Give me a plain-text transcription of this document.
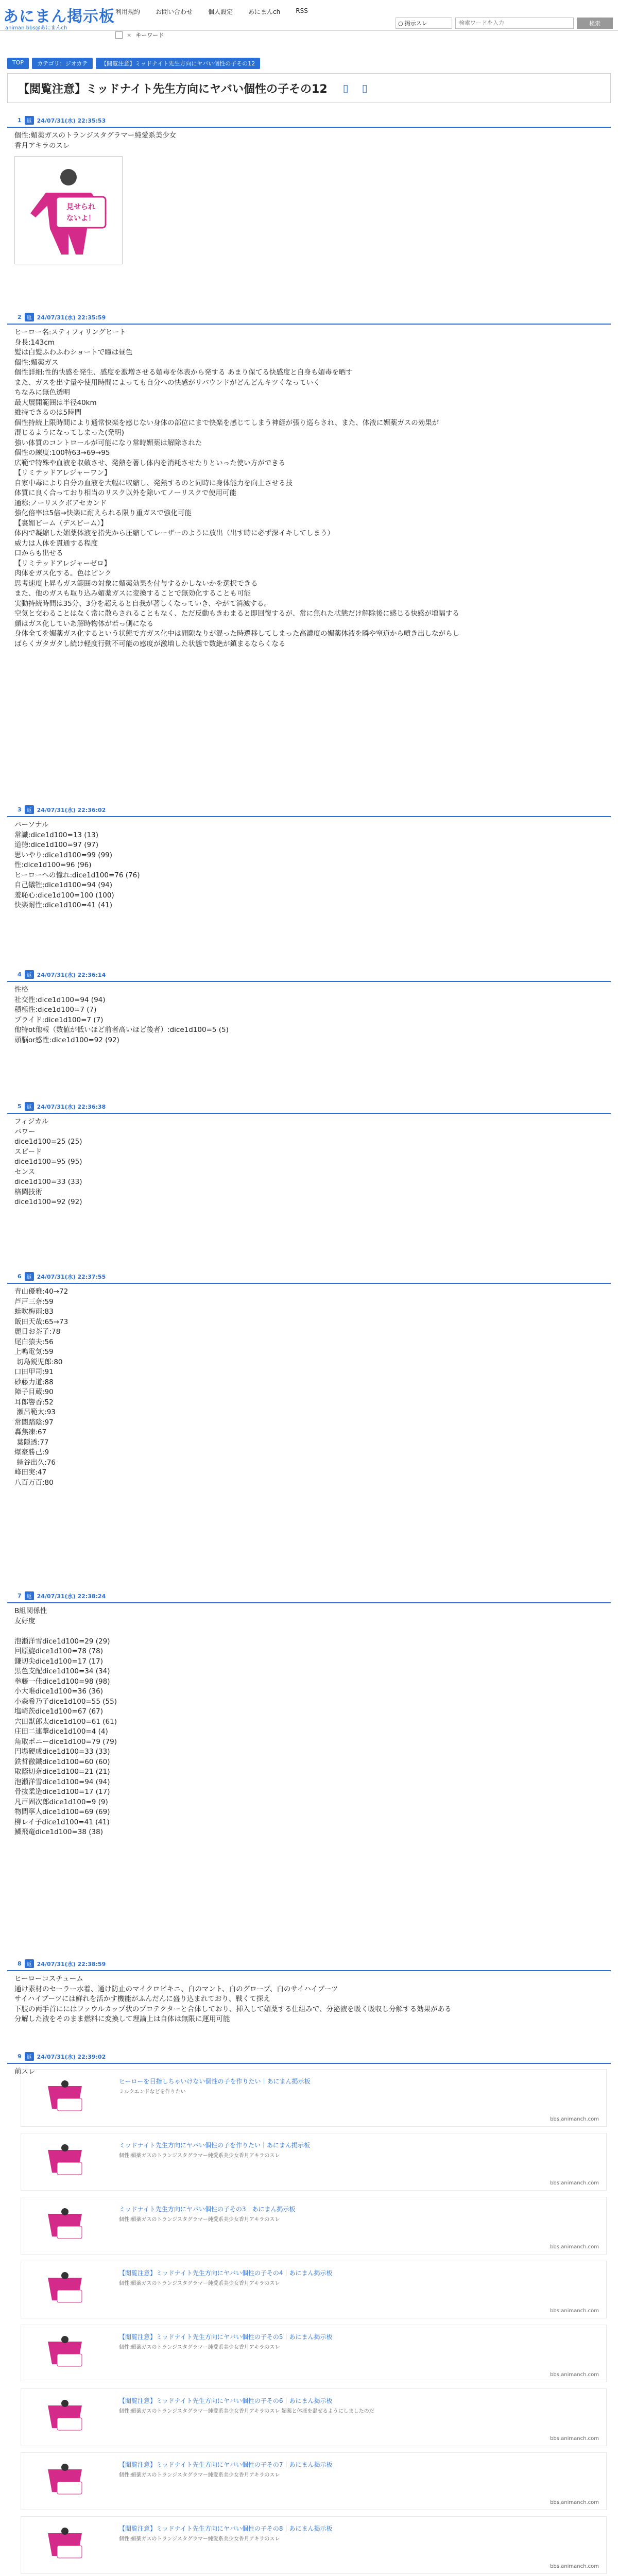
あにまん掲示板
animan bbs@あにまんch
利用規約	お問い合わせ	個人設定	あにまんch	RSS
○ 掲示スレ
検索ワードを入力	検索
× キーワード
TOP	カテゴリ：ジオカテ	【閲覧注意】ミッドナイト先生方向にヤバい個性の子その12
【閲覧注意】ミッドナイト先生方向にヤバい個性の子その12 ▯ ▯
1	返 24/07/31(水) 22:35:53
個性:媚薬ガスのトランジスタグラマー純愛系美少女
香月アキラのスレ
見せられ
ないよ！
2	返 24/07/31(水) 22:35:59
ヒーロー名:スティフィリングヒート
身長:143cm
髪は白髪ふわふわショートで瞳は昼色
個性:媚薬ガス
個性詳細:性的快感を発生、感度を激増させる媚毒を体表から発する あまり保てる快感度と自身も媚毒を晒す
また、ガスを出す量や使用時間によっても自分への快感がリバウンドがどんどんキツくなっていく
ちなみに無色透明
最大展開範囲は半径40km
維持できるのは5時間
個性持続上限時間により通常快楽を感じない身体の部位にまで快楽を感じてしまう神経が張り巡らされ、また、体液に媚薬ガスの効果が
混じるようになってしまった(発明)
強い体質のコントロールが可能になり常時媚薬は解除された
個性の練度:100特63→69→95
広範で特殊や血液を収斂させ、発熱を著し体内を消耗させたりといった使い方ができる
【リミテッドアレジャーワン】
自家中毒により自分の血液を大幅に収縮し、発熱するのと同時に身体能力を向上させる技
体質に良く合っており相当のリスク以外を除いてノーリスクで使用可能
通称:ノーリスクボアセカンド
強化倍率は5倍→快楽に耐えられる限り重ガスで強化可能
【裏媚ビーム（デスビーム）】
体内で凝縮した媚薬体液を指先から圧縮してレーザーのように放出（出す時に必ず深イキしてしまう）
威力は人体を貫通する程度
口からも出せる
【リミテッドアレジャーゼロ】
肉体をガス化する。色はピンク
思考速度上昇もガス範囲の対象に媚薬効果を付与するかしないかを選択できる
また、他のガスも取り込み媚薬ガスに変換することで無効化することも可能
実動持続時間は35分、3分を超えると自我が著しくなっていき、やがて消滅する。
空気と交わることはなく常に散らされることもなく、ただ反動もきわまると即回復するが、常に焦れた状態だけ解除後に感じる快感が増幅する
顔はガス化していあ解時物体が若っ側になる
身体全てを媚薬ガス化するという状態で方ガス化中は間隙なりが混った時遷移してしまった高濃度の媚薬体液を瞬や窒道から噴き出しながらし
ばらくガタガタし続け軽度行動不可能の感度が激増した状態で数絶が鎮まるならくなる
3	返 24/07/31(水) 22:36:02
パーソナル
常識:dice1d100=13 (13)
道徳:dice1d100=97 (97)
思いやり:dice1d100=99 (99)
性:dice1d100=96 (96)
ヒーローへの憧れ:dice1d100=76 (76)
自己犠牲:dice1d100=94 (94)
羞恥心:dice1d100=100 (100)
快楽耐性:dice1d100=41 (41)
4	返 24/07/31(水) 22:36:14
性格
社交性:dice1d100=94 (94)
積極性:dice1d100=7 (7)
プライド:dice1d100=7 (7)
他特ot他報（数値が低いほど前者高いほど後者）:dice1d100=5 (5)
頭脳or感性:dice1d100=92 (92)
5	返 24/07/31(水) 22:36:38
フィジカル
パワー
dice1d100=25 (25)
スピード
dice1d100=95 (95)
センス
dice1d100=33 (33)
格闘技術
dice1d100=92 (92)
6	返 24/07/31(水) 22:37:55
青山優雅:40→72
芦戸三奈:59
蛙吹梅雨:83
飯田天哉:65→73
麗日お茶子:78
尾白猿夫:56
上鳴電気:59
切島鋭児郎:80
口田甲司:91
砂藤力道:88
障子目蔵:90
耳郎響香:52
瀬呂範太:93
常闇踏陰:97
轟焦凍:67
葉隠透:77
爆豪勝己:9
緑谷出久:76
峰田実:47
八百万百:80
7	返 24/07/31(水) 22:38:24
B組関係性
友好度

泡瀬洋雪dice1d100=29 (29)
回原旋dice1d100=78 (78)
鎌切尖dice1d100=17 (17)
黒色支配dice1d100=34 (34)
拳藤一佳dice1d100=98 (98)
小大唯dice1d100=36 (36)
小森希乃子dice1d100=55 (55)
塩崎茨dice1d100=67 (67)
宍田獣郎太dice1d100=61 (61)
庄田二連撃dice1d100=4 (4)
角取ポニーdice1d100=79 (79)
円場硬成dice1d100=33 (33)
鉄哲徹鐵dice1d100=60 (60)
取蔭切奈dice1d100=21 (21)
泡瀬洋雪dice1d100=94 (94)
骨抜柔造dice1d100=17 (17)
凡戸固次郎dice1d100=9 (9)
物間寧人dice1d100=69 (69)
柳レイ子dice1d100=41 (41)
鱗飛竜dice1d100=38 (38)
8	返 24/07/31(水) 22:38:59
ヒーローコスチューム
通け素材のセーラー水着、通け防止のマイクロビキニ、白のマント、白のグローブ、白のサイハイブーツ
サイハイブーツには鮮れを活かす機能がふんだんに盛り込まれており、戦くて探え
下肢の両手首ににはファウルカップ状のプロテクターと合体しており、挿入して媚薬する仕組みで、分泌液を吸く吸収し分解する効果がある
分解した液をそのまま燃料に変換して理論上は自体は無限に運用可能
9	返 24/07/31(水) 22:39:02
前スレ
ヒーローを目指しちゃいけない個性の子を作りたい｜あにまん掲示板
ミルクエンドなどを作りたい
bbs.animanch.com
ミッドナイト先生方向にヤバい個性の子を作りたい｜あにまん掲示板
個性:媚薬ガスのトランジスタグラマー純愛系美少女香月アキラのスレ
bbs.animanch.com
ミッドナイト先生方向にヤバい個性の子その3｜あにまん掲示板
個性:媚薬ガスのトランジスタグラマー純愛系美少女香月アキラのスレ
bbs.animanch.com
【閲覧注意】ミッドナイト先生方向にヤバい個性の子その4｜あにまん掲示板
個性:媚薬ガスのトランジスタグラマー純愛系美少女香月アキラのスレ
bbs.animanch.com
【閲覧注意】ミッドナイト先生方向にヤバい個性の子その5｜あにまん掲示板
個性:媚薬ガスのトランジスタグラマー純愛系美少女香月アキラのスレ
bbs.animanch.com
【閲覧注意】ミッドナイト先生方向にヤバい個性の子その6｜あにまん掲示板
個性:媚薬ガスのトランジスタグラマー純愛系美少女香月アキラのスレ 媚薬と体液を混ぜるようにしましたのだ
bbs.animanch.com
【閲覧注意】ミッドナイト先生方向にヤバい個性の子その7｜あにまん掲示板
個性:媚薬ガスのトランジスタグラマー純愛系美少女香月アキラのスレ
bbs.animanch.com
【閲覧注意】ミッドナイト先生方向にヤバい個性の子その8｜あにまん掲示板
個性:媚薬ガスのトランジスタグラマー純愛系美少女香月アキラのスレ
bbs.animanch.com
